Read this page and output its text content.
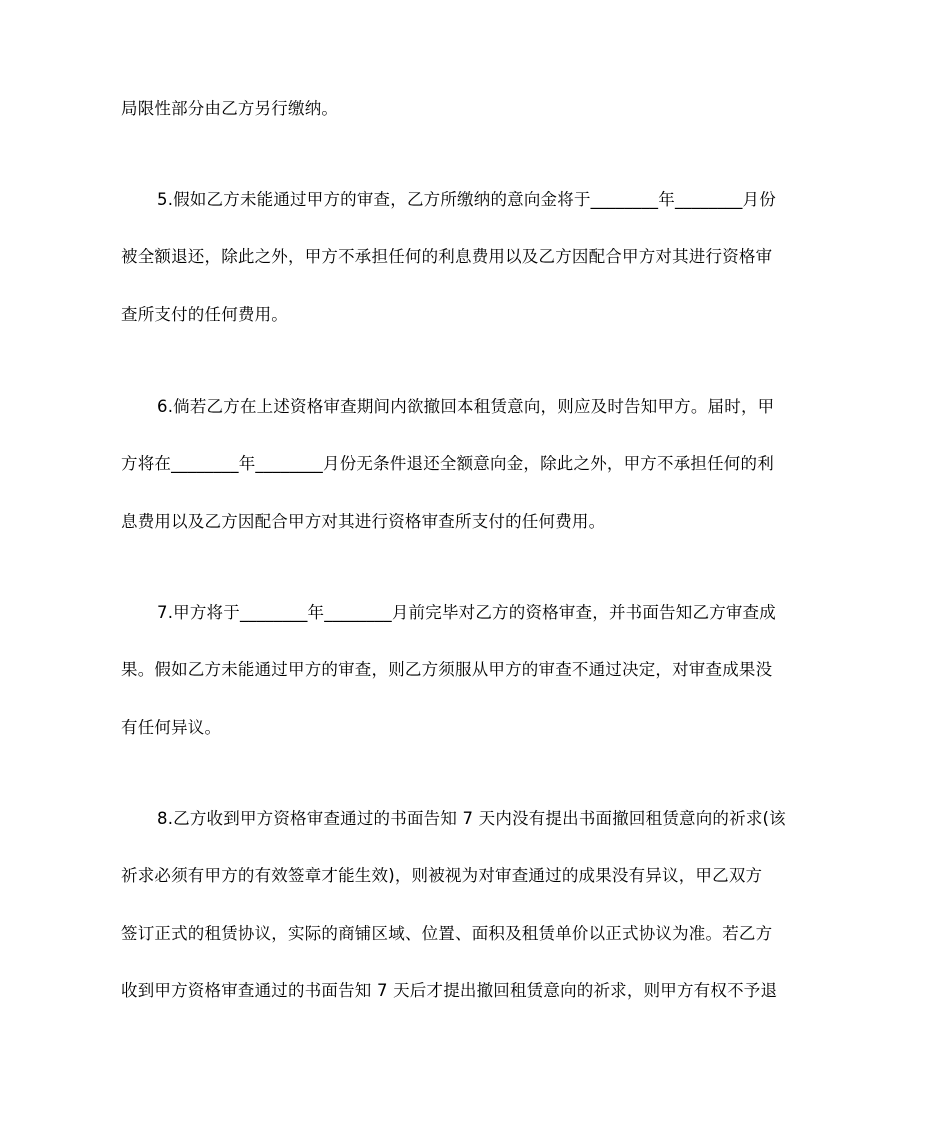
局限性部分由乙方另行缴纳。
5.假如乙方未能通过甲方的审查，乙方所缴纳的意向金将于________年________月份
被全额退还，除此之外，甲方不承担任何的利息费用以及乙方因配合甲方对其进行资格审
查所支付的任何费用。
6.倘若乙方在上述资格审查期间内欲撤回本租赁意向，则应及时告知甲方。届时，甲
方将在________年________月份无条件退还全额意向金，除此之外，甲方不承担任何的利
息费用以及乙方因配合甲方对其进行资格审查所支付的任何费用。
7.甲方将于________年________月前完毕对乙方的资格审查，并书面告知乙方审查成
果。假如乙方未能通过甲方的审查，则乙方须服从甲方的审查不通过决定，对审查成果没
有任何异议。
8.乙方收到甲方资格审查通过的书面告知 7 天内没有提出书面撤回租赁意向的祈求(该
祈求必须有甲方的有效签章才能生效)，则被视为对审查通过的成果没有异议，甲乙双方
签订正式的租赁协议，实际的商铺区域、位置、面积及租赁单价以正式协议为准。若乙方
收到甲方资格审查通过的书面告知 7 天后才提出撤回租赁意向的祈求，则甲方有权不予退
